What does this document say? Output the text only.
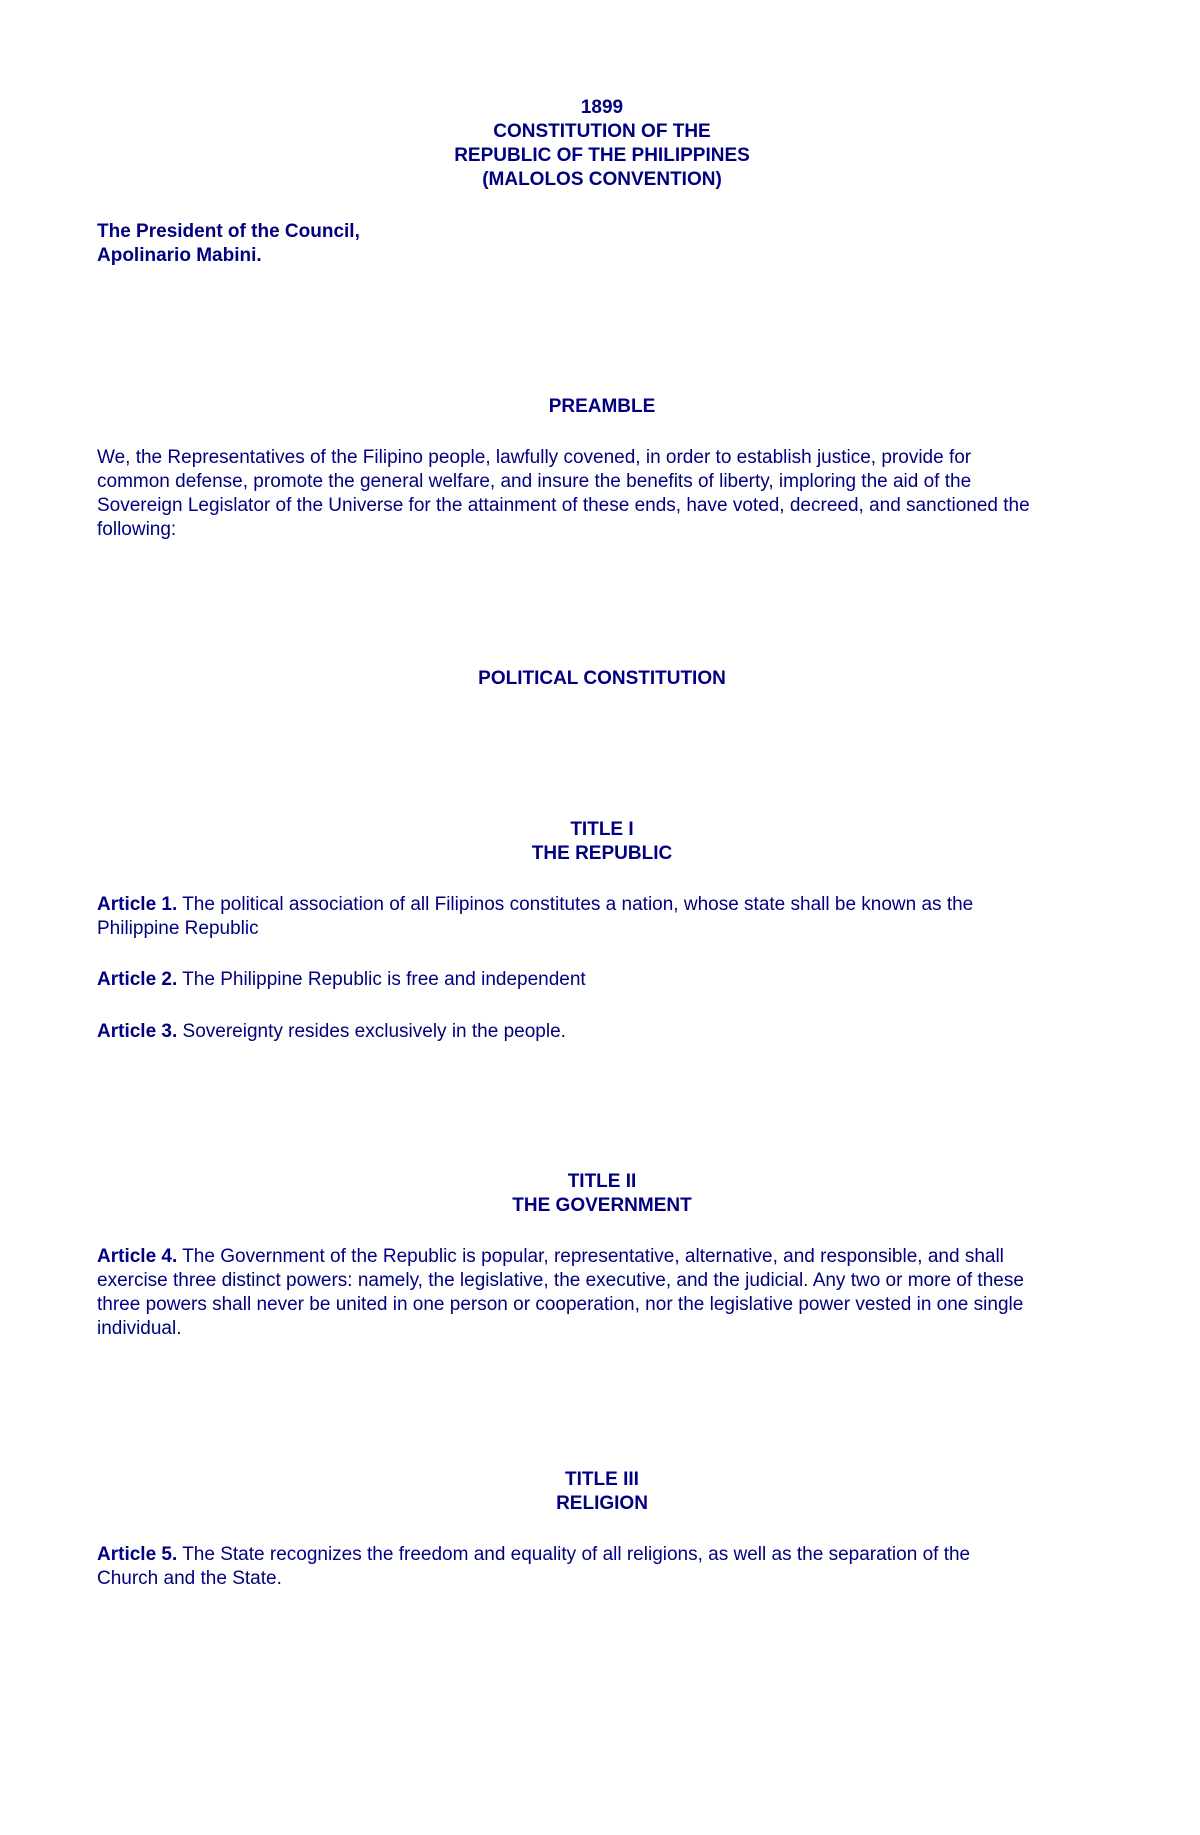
1899
CONSTITUTION OF THE
REPUBLIC OF THE PHILIPPINES
(MALOLOS CONVENTION)
The President of the Council,
Apolinario Mabini.
PREAMBLE
We, the Representatives of the Filipino people, lawfully covened, in order to establish justice, provide for
common defense, promote the general welfare, and insure the benefits of liberty, imploring the aid of the
Sovereign Legislator of the Universe for the attainment of these ends, have voted, decreed, and sanctioned the
following:
POLITICAL CONSTITUTION
TITLE I
THE REPUBLIC
Article 1. The political association of all Filipinos constitutes a nation, whose state shall be known as the
Philippine Republic
Article 2. The Philippine Republic is free and independent
Article 3. Sovereignty resides exclusively in the people.
TITLE II
THE GOVERNMENT
Article 4. The Government of the Republic is popular, representative, alternative, and responsible, and shall
exercise three distinct powers: namely, the legislative, the executive, and the judicial. Any two or more of these
three powers shall never be united in one person or cooperation, nor the legislative power vested in one single
individual.
TITLE III
RELIGION
Article 5. The State recognizes the freedom and equality of all religions, as well as the separation of the
Church and the State.
